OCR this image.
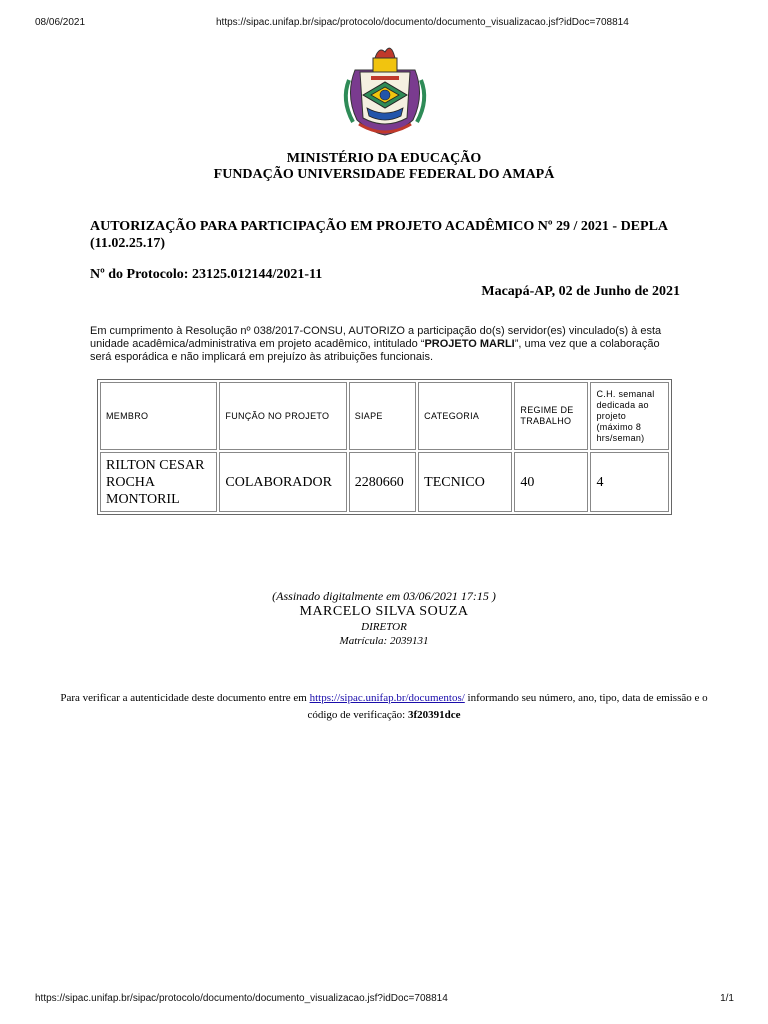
08/06/2021	https://sipac.unifap.br/sipac/protocolo/documento/documento_visualizacao.jsf?idDoc=708814
MINISTÉRIO DA EDUCAÇÃO
FUNDAÇÃO UNIVERSIDADE FEDERAL DO AMAPÁ
AUTORIZAÇÃO PARA PARTICIPAÇÃO EM PROJETO ACADÊMICO Nº 29 / 2021 - DEPLA (11.02.25.17)
Nº do Protocolo: 23125.012144/2021-11
Macapá-AP, 02 de Junho de 2021
Em cumprimento à Resolução nº 038/2017-CONSU, AUTORIZO a participação do(s) servidor(es) vinculado(s) à esta unidade acadêmica/administrativa em projeto acadêmico, intitulado “PROJETO MARLI”, uma vez que a colaboração será esporádica e não implicará em prejuízo às atribuições funcionais.
MEMBRO	FUNÇÃO NO PROJETO	SIAPE	CATEGORIA	REGIME DE TRABALHO	C.H. semanal dedicada ao projeto (máximo 8 hrs/seman)
RILTON CESAR ROCHA MONTORIL	COLABORADOR	2280660	TECNICO	40	4
(Assinado digitalmente em 03/06/2021 17:15 )
MARCELO SILVA SOUZA
DIRETOR
Matrícula: 2039131
Para verificar a autenticidade deste documento entre em https://sipac.unifap.br/documentos/ informando seu número, ano, tipo, data de emissão e o código de verificação: 3f20391dce
https://sipac.unifap.br/sipac/protocolo/documento/documento_visualizacao.jsf?idDoc=708814	1/1
